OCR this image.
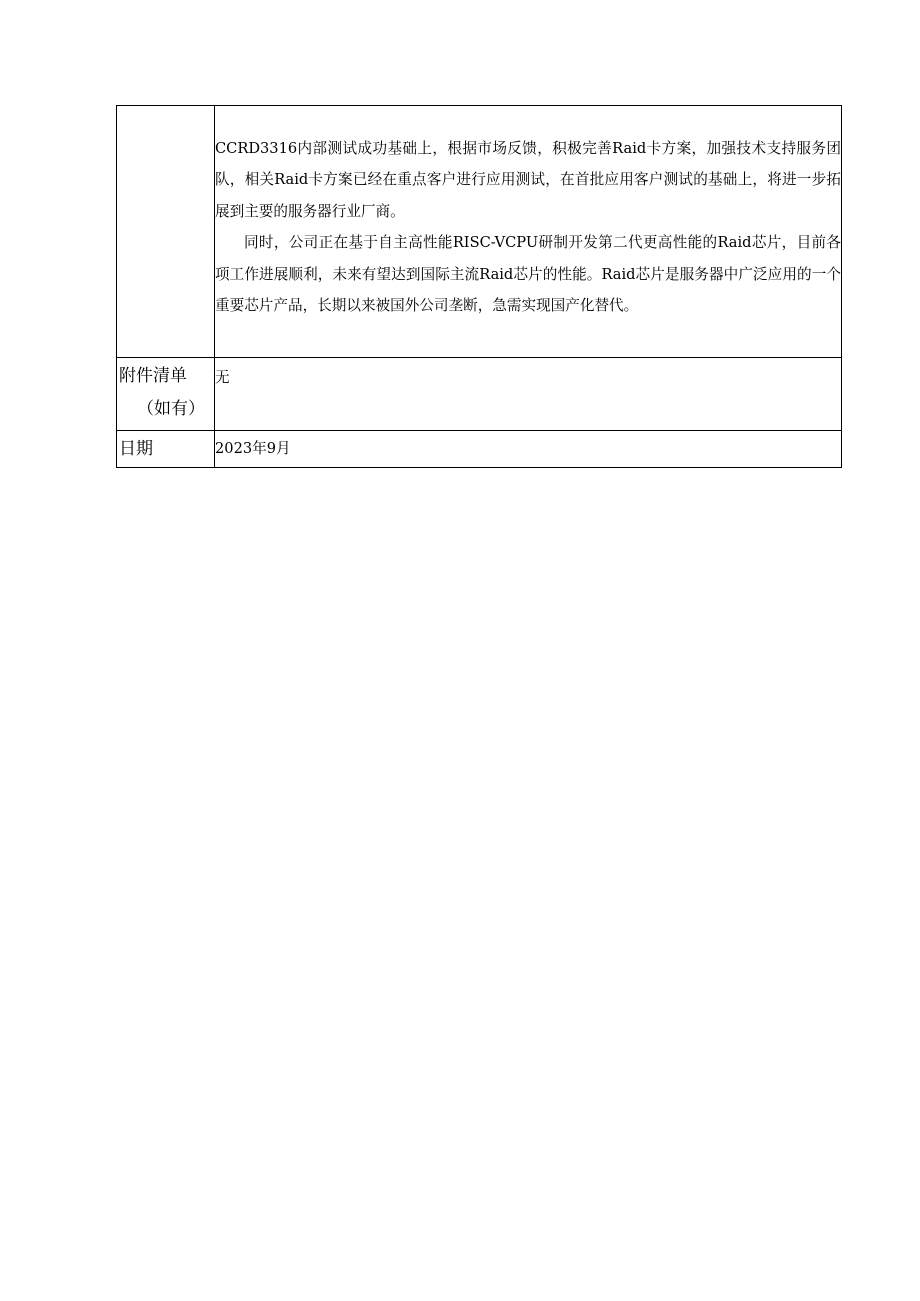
	CCRD3316内部测试成功基础上，根据市场反馈，积极完善Raid卡方案，加强技术支持服务团队，相关Raid卡方案已经在重点客户进行应用测试，在首批应用客户测试的基础上，将进一步拓展到主要的服务器行业厂商。

同时，公司正在基于自主高性能RISC-VCPU研制开发第二代更高性能的Raid芯片，目前各项工作进展顺利，未来有望达到国际主流Raid芯片的性能。Raid芯片是服务器中广泛应用的一个重要芯片产品，长期以来被国外公司垄断，急需实现国产化替代。

附件清单
（如有）	无

日期	2023年9月
